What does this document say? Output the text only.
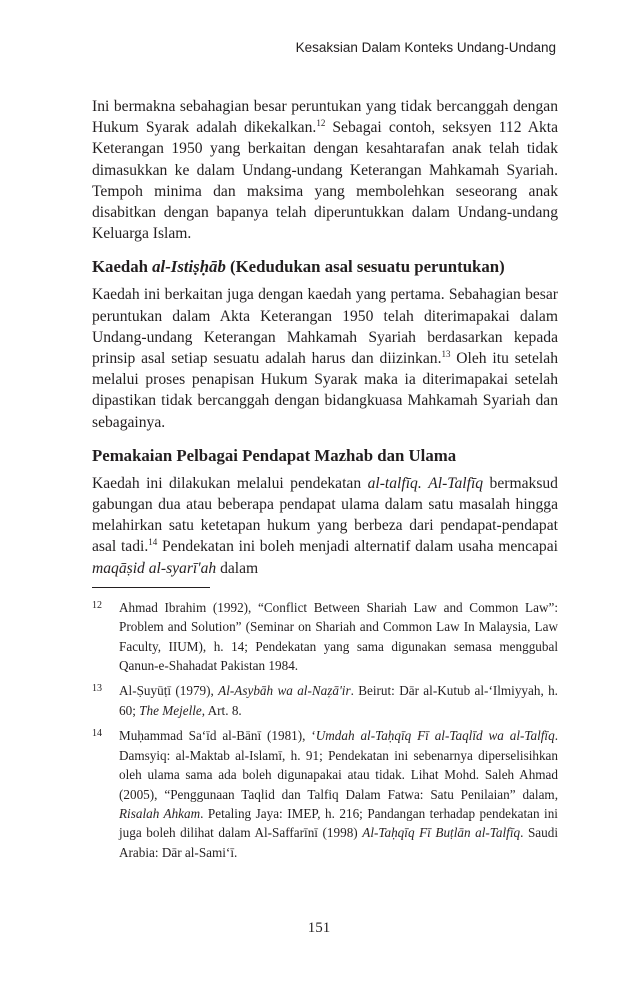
Kesaksian Dalam Konteks Undang-Undang

Ini bermakna sebahagian besar peruntukan yang tidak bercanggah dengan Hukum Syarak adalah dikekalkan.$^{12}$ Sebagai contoh, seksyen 112 Akta Keterangan 1950 yang berkaitan dengan kesahtarafan anak telah tidak dimasukkan ke dalam Undang-undang Keterangan Mahkamah Syariah. Tempoh minima dan maksima yang membolehkan seseorang anak disabitkan dengan bapanya telah diperuntukkan dalam Undang-undang Keluarga Islam.

Kaedah al-Istiṣḥāb (Kedudukan asal sesuatu peruntukan)

Kaedah ini berkaitan juga dengan kaedah yang pertama. Sebahagian besar peruntukan dalam Akta Keterangan 1950 telah diterimapakai dalam Undang-undang Keterangan Mahkamah Syariah berdasarkan kepada prinsip asal setiap sesuatu adalah harus dan diizinkan.$^{13}$ Oleh itu setelah melalui proses penapisan Hukum Syarak maka ia diterimapakai setelah dipastikan tidak bercanggah dengan bidangkuasa Mahkamah Syariah dan sebagainya.

Pemakaian Pelbagai Pendapat Mazhab dan Ulama

Kaedah ini dilakukan melalui pendekatan al-talfīq. Al-Talfīq bermaksud gabungan dua atau beberapa pendapat ulama dalam satu masalah hingga melahirkan satu ketetapan hukum yang berbeza dari pendapat-pendapat asal tadi.$^{14}$ Pendekatan ini boleh menjadi alternatif dalam usaha mencapai maqāṣid al-syarī'ah dalam

12	Ahmad Ibrahim (1992), “Conflict Between Shariah Law and Common Law”: Problem and Solution” (Seminar on Shariah and Common Law In Malaysia, Law Faculty, IIUM), h. 14; Pendekatan yang sama digunakan semasa menggubal Qanun-e-Shahadat Pakistan 1984.
13	Al-Ṣuyūṭī (1979), Al-Asybāh wa al-Naẓā'ir. Beirut: Dār al-Kutub al-‘Ilmiyyah, h. 60; The Mejelle, Art. 8.
14	Muḥammad Sa‘īd al-Bānī (1981), ‘Umdah al-Taḥqīq Fī al-Taqlīd wa al-Talfīq. Damsyiq: al-Maktab al-Islamī, h. 91; Pendekatan ini sebenarnya diperselisihkan oleh ulama sama ada boleh digunapakai atau tidak. Lihat Mohd. Saleh Ahmad (2005), “Penggunaan Taqlid dan Talfiq Dalam Fatwa: Satu Penilaian” dalam, Risalah Ahkam. Petaling Jaya: IMEP, h. 216; Pandangan terhadap pendekatan ini juga boleh dilihat dalam Al-Saffarīnī (1998) Al-Taḥqīq Fī Buṭlān al-Talfīq. Saudi Arabia: Dār al-Sami‘ī.
151
